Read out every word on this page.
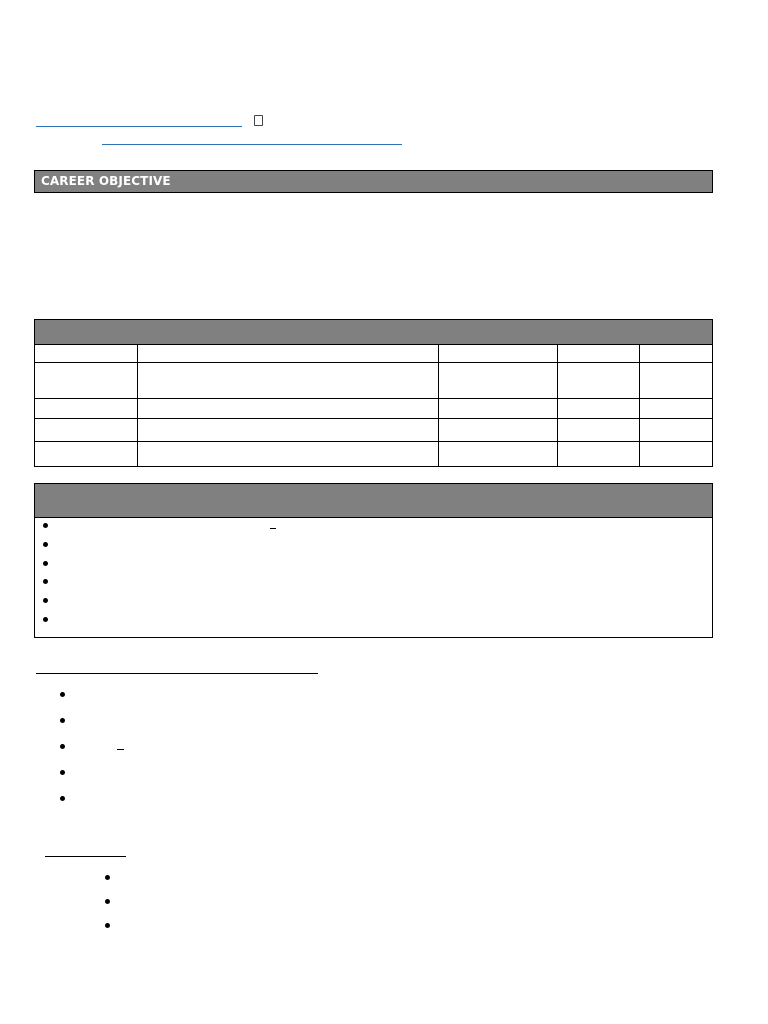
CAREER OBJECTIVE
